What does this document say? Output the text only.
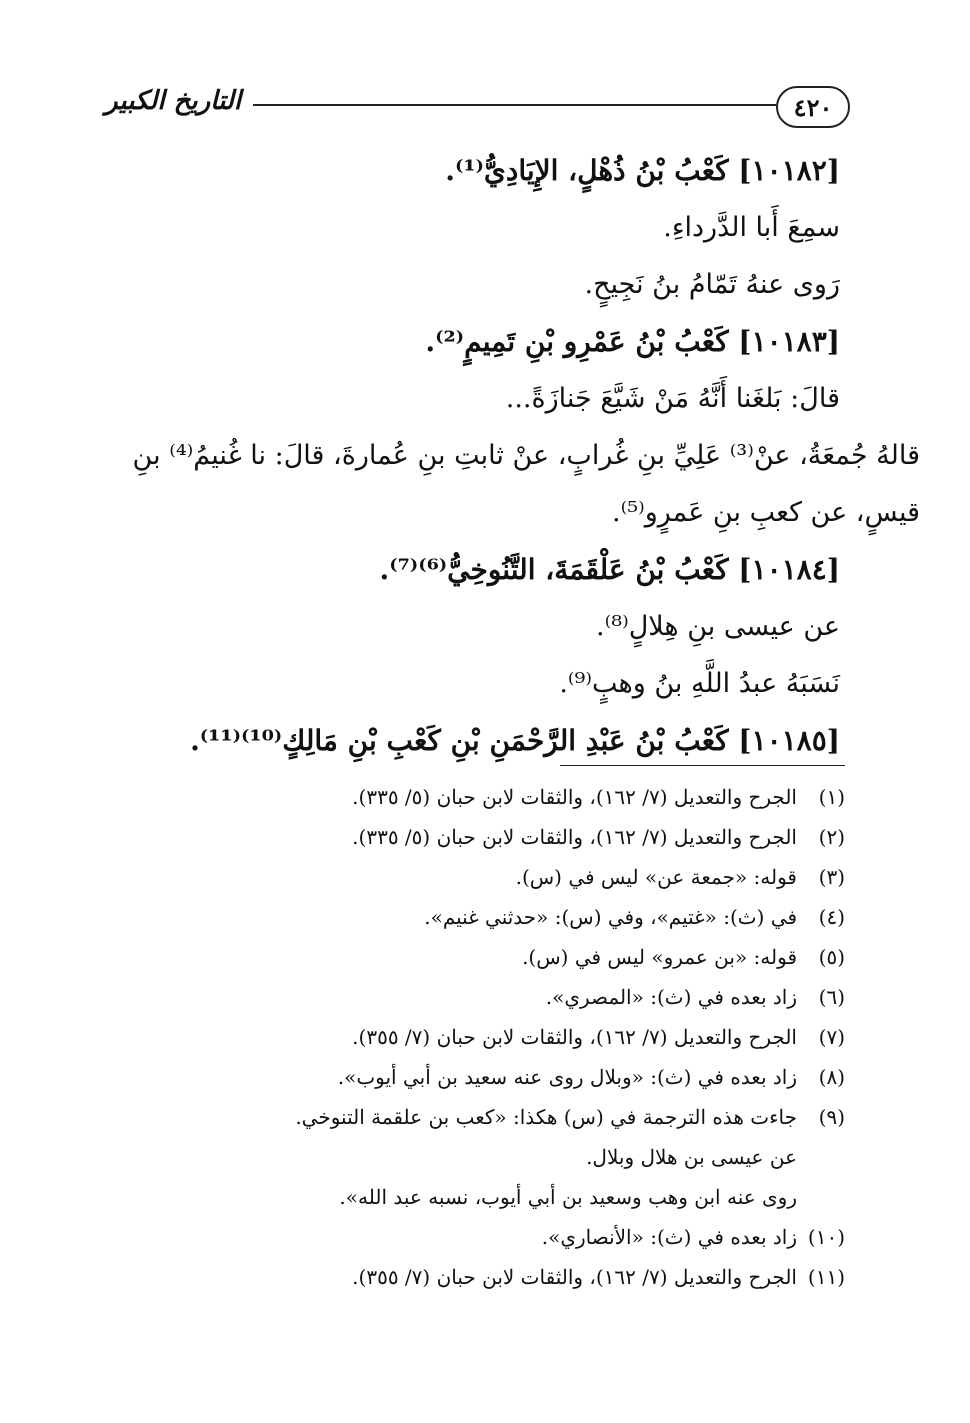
٤٢٠
التاريخ الكبير
[١٠١٨٢] كَعْبُ بْنُ ذُهْلٍ، الإِيَادِيُّ⁽¹⁾.
سمِعَ أَبا الدَّرداءِ.
رَوى عنهُ تَمّامُ بنُ نَجِيحٍ.
[١٠١٨٣] كَعْبُ بْنُ عَمْرِو بْنِ تَمِيمٍ⁽²⁾.
قالَ: بَلغَنا أَنَّهُ مَنْ شَيَّعَ جَنازَةً...
قالهُ جُمعَةُ، عنْ⁽³⁾ عَلِيِّ بنِ غُرابٍ، عنْ ثابتِ بنِ عُمارةَ، قالَ: نا غُنيمُ⁽⁴⁾ بنِ
قيسٍ، عن كعبِ بنِ عَمرٍو⁽⁵⁾.
[١٠١٨٤] كَعْبُ بْنُ عَلْقَمَةَ، التَّنُوخِيُّ⁽⁶⁾⁽⁷⁾.
عن عيسى بنِ هِلالٍ⁽⁸⁾.
نَسَبَهُ عبدُ اللَّهِ بنُ وهبٍ⁽⁹⁾.
[١٠١٨٥] كَعْبُ بْنُ عَبْدِ الرَّحْمَنِ بْنِ كَعْبِ بْنِ مَالِكٍ⁽¹⁰⁾⁽¹¹⁾.
(١)
الجرح والتعديل (٧/ ١٦٢)، والثقات لابن حبان (٥/ ٣٣٥).
(٢)
الجرح والتعديل (٧/ ١٦٢)، والثقات لابن حبان (٥/ ٣٣٥).
(٣)
قوله: «جمعة عن» ليس في (س).
(٤)
في (ث): «غتيم»، وفي (س): «حدثني غنيم».
(٥)
قوله: «بن عمرو» ليس في (س).
(٦)
زاد بعده في (ث): «المصري».
(٧)
الجرح والتعديل (٧/ ١٦٢)، والثقات لابن حبان (٧/ ٣٥٥).
(٨)
زاد بعده في (ث): «وبلال روى عنه سعيد بن أبي أيوب».
(٩)
جاءت هذه الترجمة في (س) هكذا: «كعب بن علقمة التنوخي.
عن عيسى بن هلال وبلال.
روى عنه ابن وهب وسعيد بن أبي أيوب، نسبه عبد الله».
(١٠)
زاد بعده في (ث): «الأنصاري».
(١١)
الجرح والتعديل (٧/ ١٦٢)، والثقات لابن حبان (٧/ ٣٥٥).
